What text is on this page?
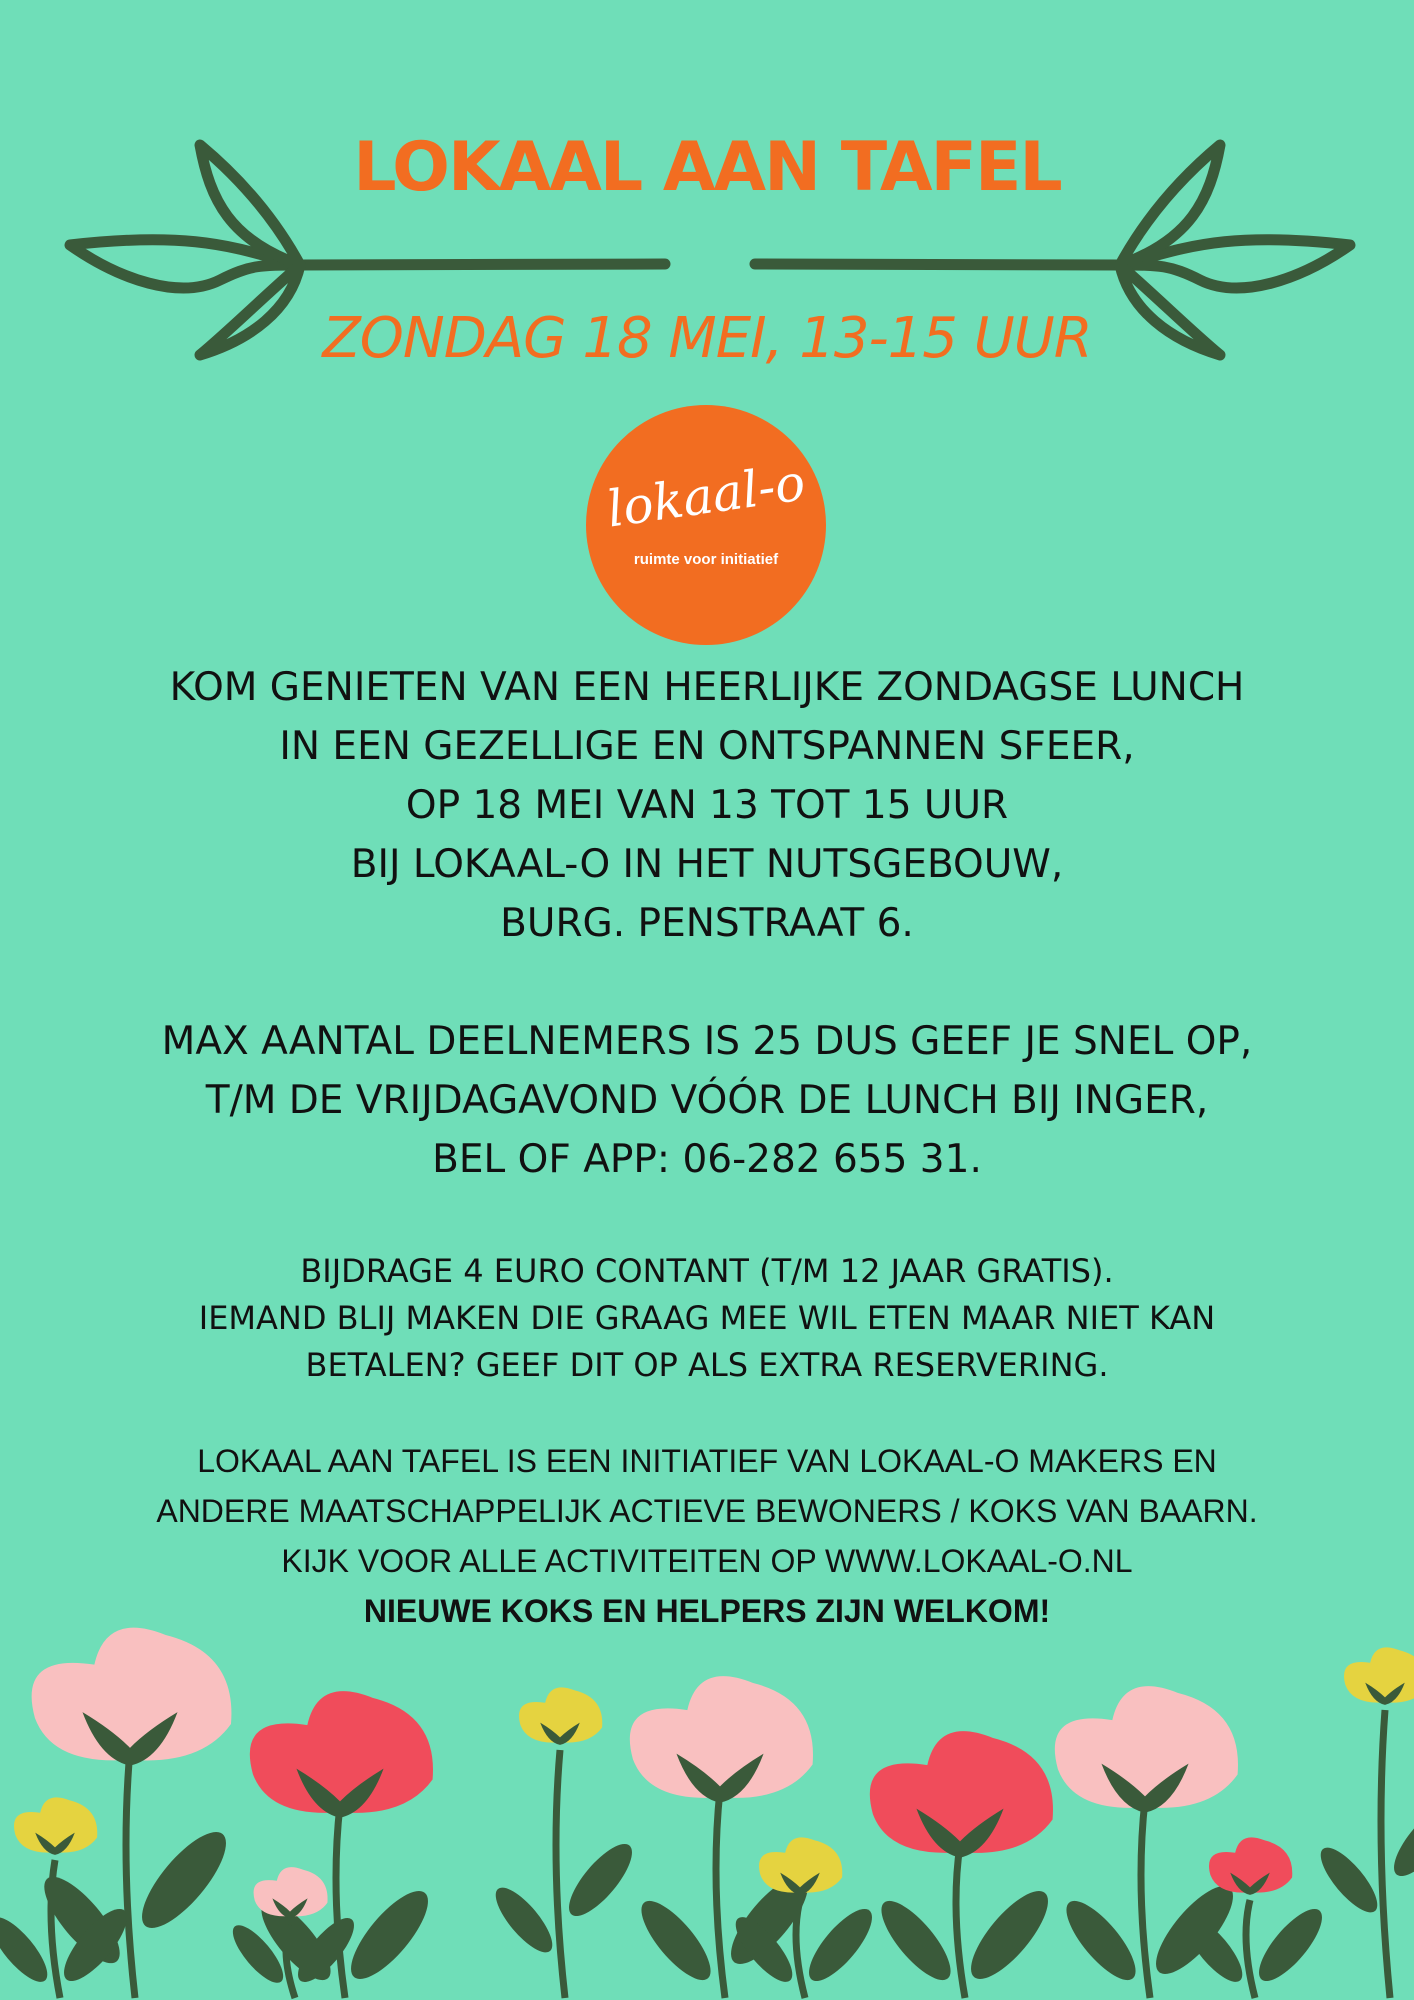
LOKAAL AAN TAFEL
ZONDAG 18 MEI, 13-15 UUR
lokaal-o
ruimte voor initiatief
KOM GENIETEN VAN EEN HEERLIJKE ZONDAGSE LUNCH
IN EEN GEZELLIGE EN ONTSPANNEN SFEER,
OP 18 MEI VAN 13 TOT 15 UUR
BIJ LOKAAL-O IN HET NUTSGEBOUW,
BURG. PENSTRAAT 6.
MAX AANTAL DEELNEMERS IS 25 DUS GEEF JE SNEL OP,
T/M DE VRIJDAGAVOND VÓÓR DE LUNCH BIJ INGER,
BEL OF APP: 06-282 655 31.
BIJDRAGE 4 EURO CONTANT (T/M 12 JAAR GRATIS).
IEMAND BLIJ MAKEN DIE GRAAG MEE WIL ETEN MAAR NIET KAN
BETALEN? GEEF DIT OP ALS EXTRA RESERVERING.
LOKAAL AAN TAFEL IS EEN INITIATIEF VAN LOKAAL-O MAKERS EN
ANDERE MAATSCHAPPELIJK ACTIEVE BEWONERS / KOKS VAN BAARN.
KIJK VOOR ALLE ACTIVITEITEN OP WWW.LOKAAL-O.NL
NIEUWE KOKS EN HELPERS ZIJN WELKOM!
